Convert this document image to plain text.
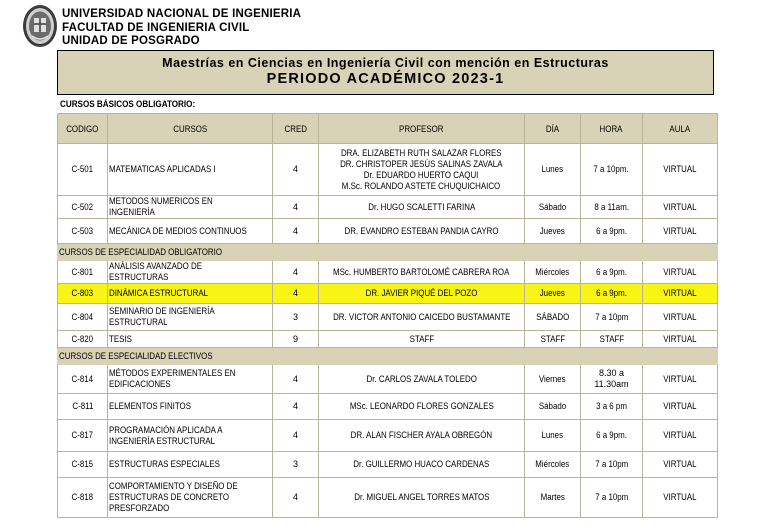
UNIVERSIDAD NACIONAL DE INGENIERIA
FACULTAD DE INGENIERIA CIVIL
UNIDAD DE POSGRADO
Maestrías en Ciencias en Ingeniería Civil con mención en Estructuras
PERIODO ACADÉMICO 2023-1
CURSOS BÁSICOS OBLIGATORIO:
CODIGO	CURSOS	CRED	PROFESOR	DÍA	HORA	AULA
C-501	MATEMATICAS APLICADAS I	4	DRA. ELIZABETH RUTH SALAZAR FLORES
DR. CHRISTOPER JESÚS SALINAS ZAVALA
Dr. EDUARDO HUERTO CAQUI
M.Sc. ROLANDO ASTETE CHUQUICHAICO	Lunes	7 a 10pm.	VIRTUAL
C-502	METODOS NUMERICOS EN INGENIERÍA	4	Dr. HUGO SCALETTI FARINA	Sábado	8 a 11am.	VIRTUAL
C-503	MECÁNICA DE MEDIOS CONTINUOS	4	DR. EVANDRO ESTEBAN PANDIA CAYRO	Jueves	6 a 9pm.	VIRTUAL
CURSOS DE ESPECIALIDAD OBLIGATORIO						
C-801	ANÁLISIS AVANZADO DE ESTRUCTURAS	4	MSc. HUMBERTO BARTOLOMÉ CABRERA ROA	Miércoles	6 a 9pm.	VIRTUAL
C-803	DINÁMICA ESTRUCTURAL	4	DR. JAVIER PIQUÉ DEL POZO	Jueves	6 a 9pm.	VIRTUAL
C-804	SEMINARIO DE INGENIERÍA ESTRUCTURAL	3	DR. VICTOR ANTONIO CAICEDO BUSTAMANTE	SÁBADO	7 a 10pm	VIRTUAL
C-820	TESIS	9	STAFF	STAFF	STAFF	VIRTUAL
CURSOS DE ESPECIALIDAD ELECTIVOS						
C-814	MÉTODOS EXPERIMENTALES EN EDIFICACIONES	4	Dr. CARLOS ZAVALA TOLEDO	Viernes	8.30 a 11.30am	VIRTUAL
C-811	ELEMENTOS FINITOS	4	MSc. LEONARDO FLORES GONZALES	Sábado	3 a 6 pm	VIRTUAL
C-817	PROGRAMACIÓN APLICADA A INGENIERÍA ESTRUCTURAL	4	DR. ALAN FISCHER AYALA OBREGÓN	Lunes	6 a 9pm.	VIRTUAL
C-815	ESTRUCTURAS ESPECIALES	3	Dr. GUILLERMO HUACO CARDENAS	Miércoles	7 a 10pm	VIRTUAL
C-818	COMPORTAMIENTO Y DISEÑO DE ESTRUCTURAS DE CONCRETO PRESFORZADO	4	Dr. MIGUEL ANGEL TORRES MATOS	Martes	7 a 10pm	VIRTUAL
